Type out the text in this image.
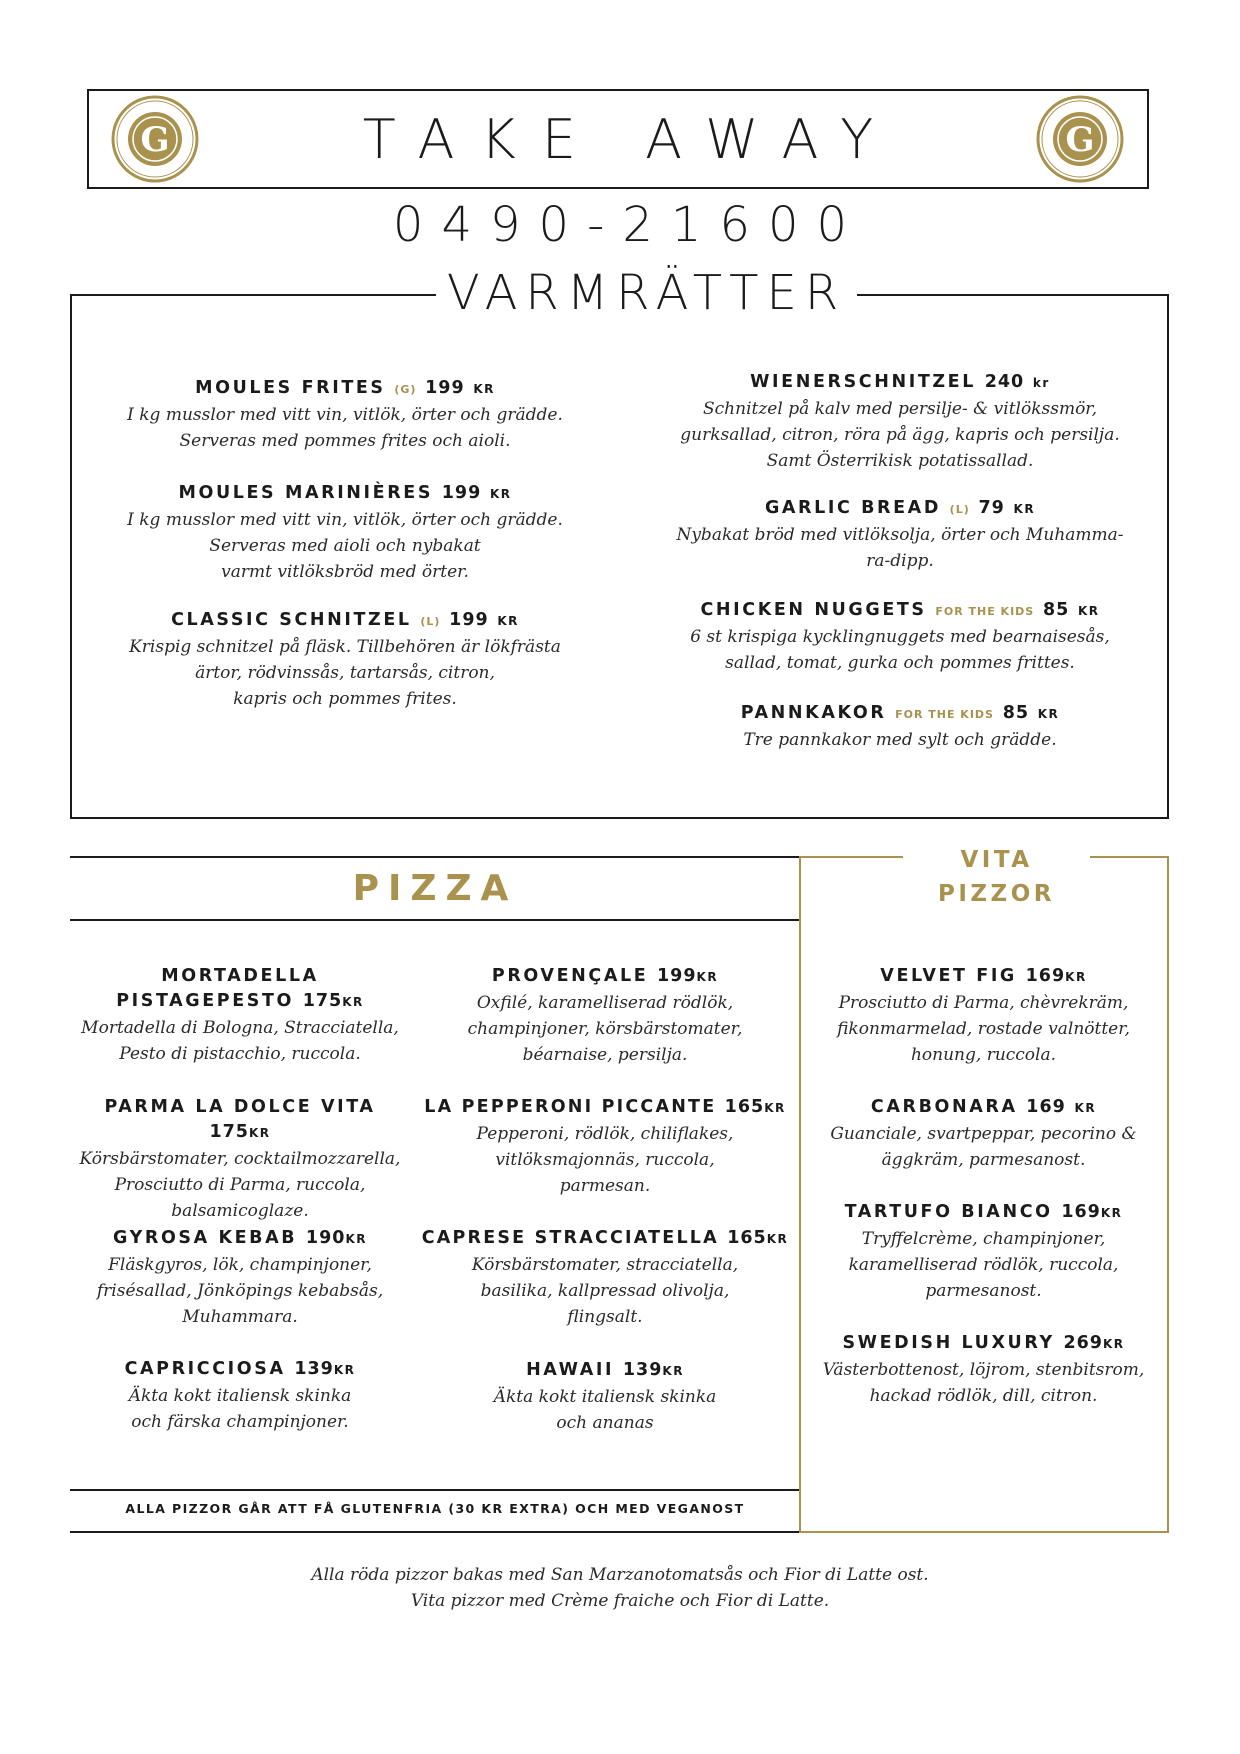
G	G
TAKE AWAY
0490-21600
VARMRÄTTER
MOULES FRITES (G) 199 KR
I kg musslor med vitt vin, vitlök, örter och grädde.
Serveras med pommes frites och aioli.
MOULES MARINIÈRES 199 KR
I kg musslor med vitt vin, vitlök, örter och grädde.
Serveras med aioli och nybakat
varmt vitlöksbröd med örter.
CLASSIC SCHNITZEL (L) 199 KR
Krispig schnitzel på fläsk. Tillbehören är lökfrästa
ärtor, rödvinssås, tartarsås, citron,
kapris och pommes frites.
WIENERSCHNITZEL 240 kr
Schnitzel på kalv med persilje- & vitlökssmör,
gurksallad, citron, röra på ägg, kapris och persilja.
Samt Österrikisk potatissallad.
GARLIC BREAD (L) 79 KR
Nybakat bröd med vitlöksolja, örter och Muhamma-
ra-dipp.
CHICKEN NUGGETS FOR THE KIDS 85 KR
6 st krispiga kycklingnuggets med bearnaisesås,
sallad, tomat, gurka och pommes frittes.
PANNKAKOR FOR THE KIDS 85 KR
Tre pannkakor med sylt och grädde.
PIZZA
MORTADELLA
PISTAGEPESTO 175KR
Mortadella di Bologna, Stracciatella,
Pesto di pistacchio, ruccola.
PARMA LA DOLCE VITA 175KR
Körsbärstomater, cocktailmozzarella,
Prosciutto di Parma, ruccola,
balsamicoglaze.
GYROSA KEBAB 190KR
Fläskgyros, lök, champinjoner,
frisésallad, Jönköpings kebabsås,
Muhammara.
CAPRICCIOSA 139KR
Äkta kokt italiensk skinka
och färska champinjoner.
PROVENÇALE 199KR
Oxfilé, karamelliserad rödlök,
champinjoner, körsbärstomater,
béarnaise, persilja.
LA PEPPERONI PICCANTE 165KR
Pepperoni, rödlök, chiliflakes,
vitlöksmajonnäs, ruccola,
parmesan.
CAPRESE STRACCIATELLA 165KR
Körsbärstomater, stracciatella,
basilika, kallpressad olivolja,
flingsalt.
HAWAII 139KR
Äkta kokt italiensk skinka
och ananas
ALLA PIZZOR GÅR ATT FÅ GLUTENFRIA (30 KR EXTRA) OCH MED VEGANOST
VITA PIZZOR
VELVET FIG 169KR
Prosciutto di Parma, chèvrekräm,
fikonmarmelad, rostade valnötter,
honung, ruccola.
CARBONARA 169 KR
Guanciale, svartpeppar, pecorino &
äggkräm, parmesanost.
TARTUFO BIANCO 169KR
Tryffelcrème, champinjoner,
karamelliserad rödlök, ruccola,
parmesanost.
SWEDISH LUXURY 269KR
Västerbottenost, löjrom, stenbitsrom,
hackad rödlök, dill, citron.
Alla röda pizzor bakas med San Marzanotomatsås och Fior di Latte ost.
Vita pizzor med Crème fraiche och Fior di Latte.
